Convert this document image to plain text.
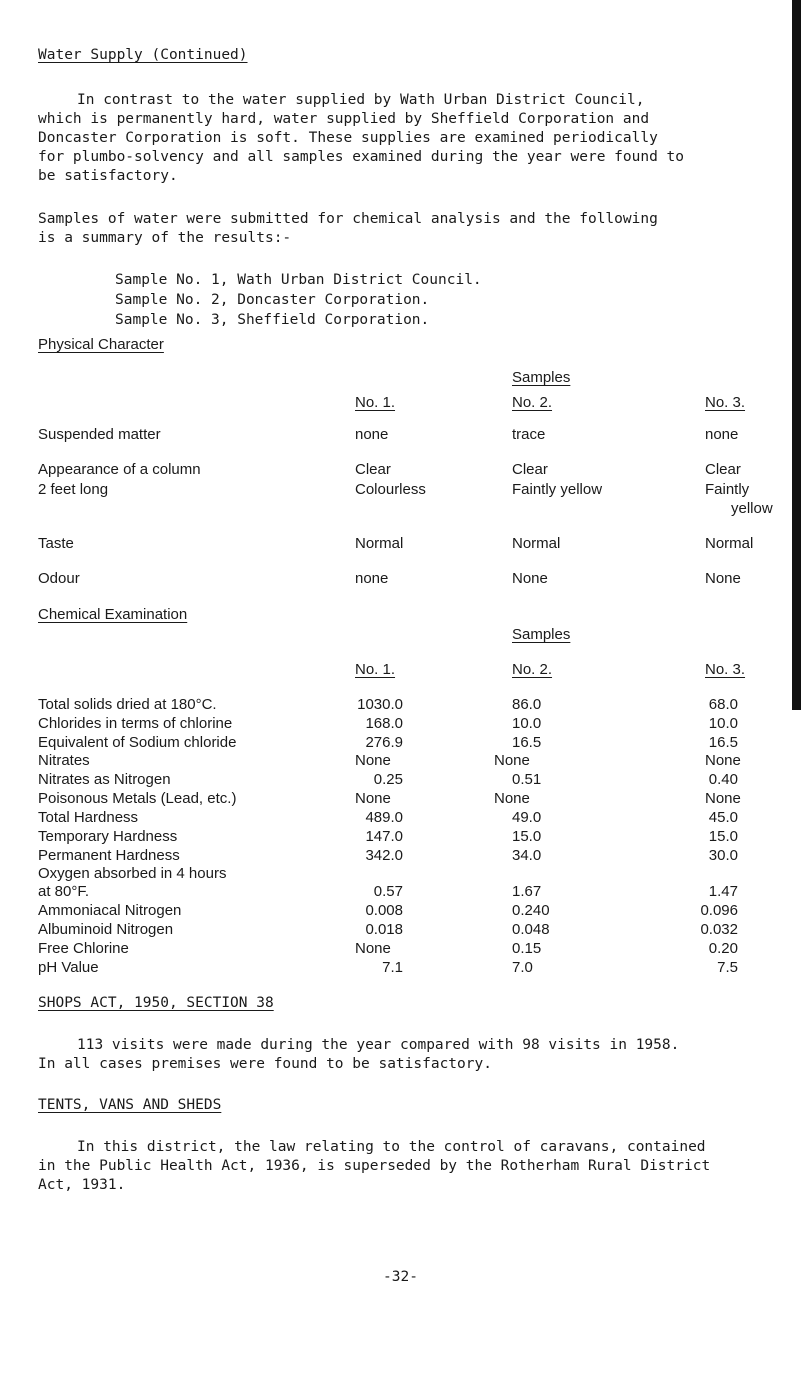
Water Supply (Continued)
In contrast to the water supplied by Wath Urban District Council,
which is permanently hard, water supplied by Sheffield Corporation and
Doncaster Corporation is soft. These supplies are examined periodically
for plumbo-solvency and all samples examined during the year were found to
be satisfactory.
Samples of water were submitted for chemical analysis and the following
is a summary of the results:-
Sample No. 1, Wath Urban District Council.
Sample No. 2, Doncaster Corporation.
Sample No. 3, Sheffield Corporation.
Physical Character
Samples
No. 1.	No. 2.	No. 3.
Suspended matter	none	trace	none
Appearance of a column	Clear	Clear	Clear
2 feet long	Colourless	Faintly yellow	Faintly
yellow
Taste	Normal	Normal	Normal
Odour	none	None	None
Chemical Examination
Samples
No. 1.	No. 2.	No. 3.
Total solids dried at 180°C.	1030.0	86.0	68.0
Chlorides in terms of chlorine	168.0	10.0	10.0
Equivalent of Sodium chloride	276.9	16.5	16.5
Nitrates	None	None	None
Nitrates as Nitrogen	0.25	0.51	0.40
Poisonous Metals (Lead, etc.)	None	None	None
Total Hardness	489.0	49.0	45.0
Temporary Hardness	147.0	15.0	15.0
Permanent Hardness	342.0	34.0	30.0
Oxygen absorbed in 4 hours
at 80°F.	0.57	1.67	1.47
Ammoniacal Nitrogen	0.008	0.240	0.096
Albuminoid Nitrogen	0.018	0.048	0.032
Free Chlorine	None	0.15	0.20
pH Value	7.1	7.0	7.5
SHOPS ACT, 1950, SECTION 38
113 visits were made during the year compared with 98 visits in 1958.
In all cases premises were found to be satisfactory.
TENTS, VANS AND SHEDS
In this district, the law relating to the control of caravans, contained
in the Public Health Act, 1936, is superseded by the Rotherham Rural District
Act, 1931.
-32-
